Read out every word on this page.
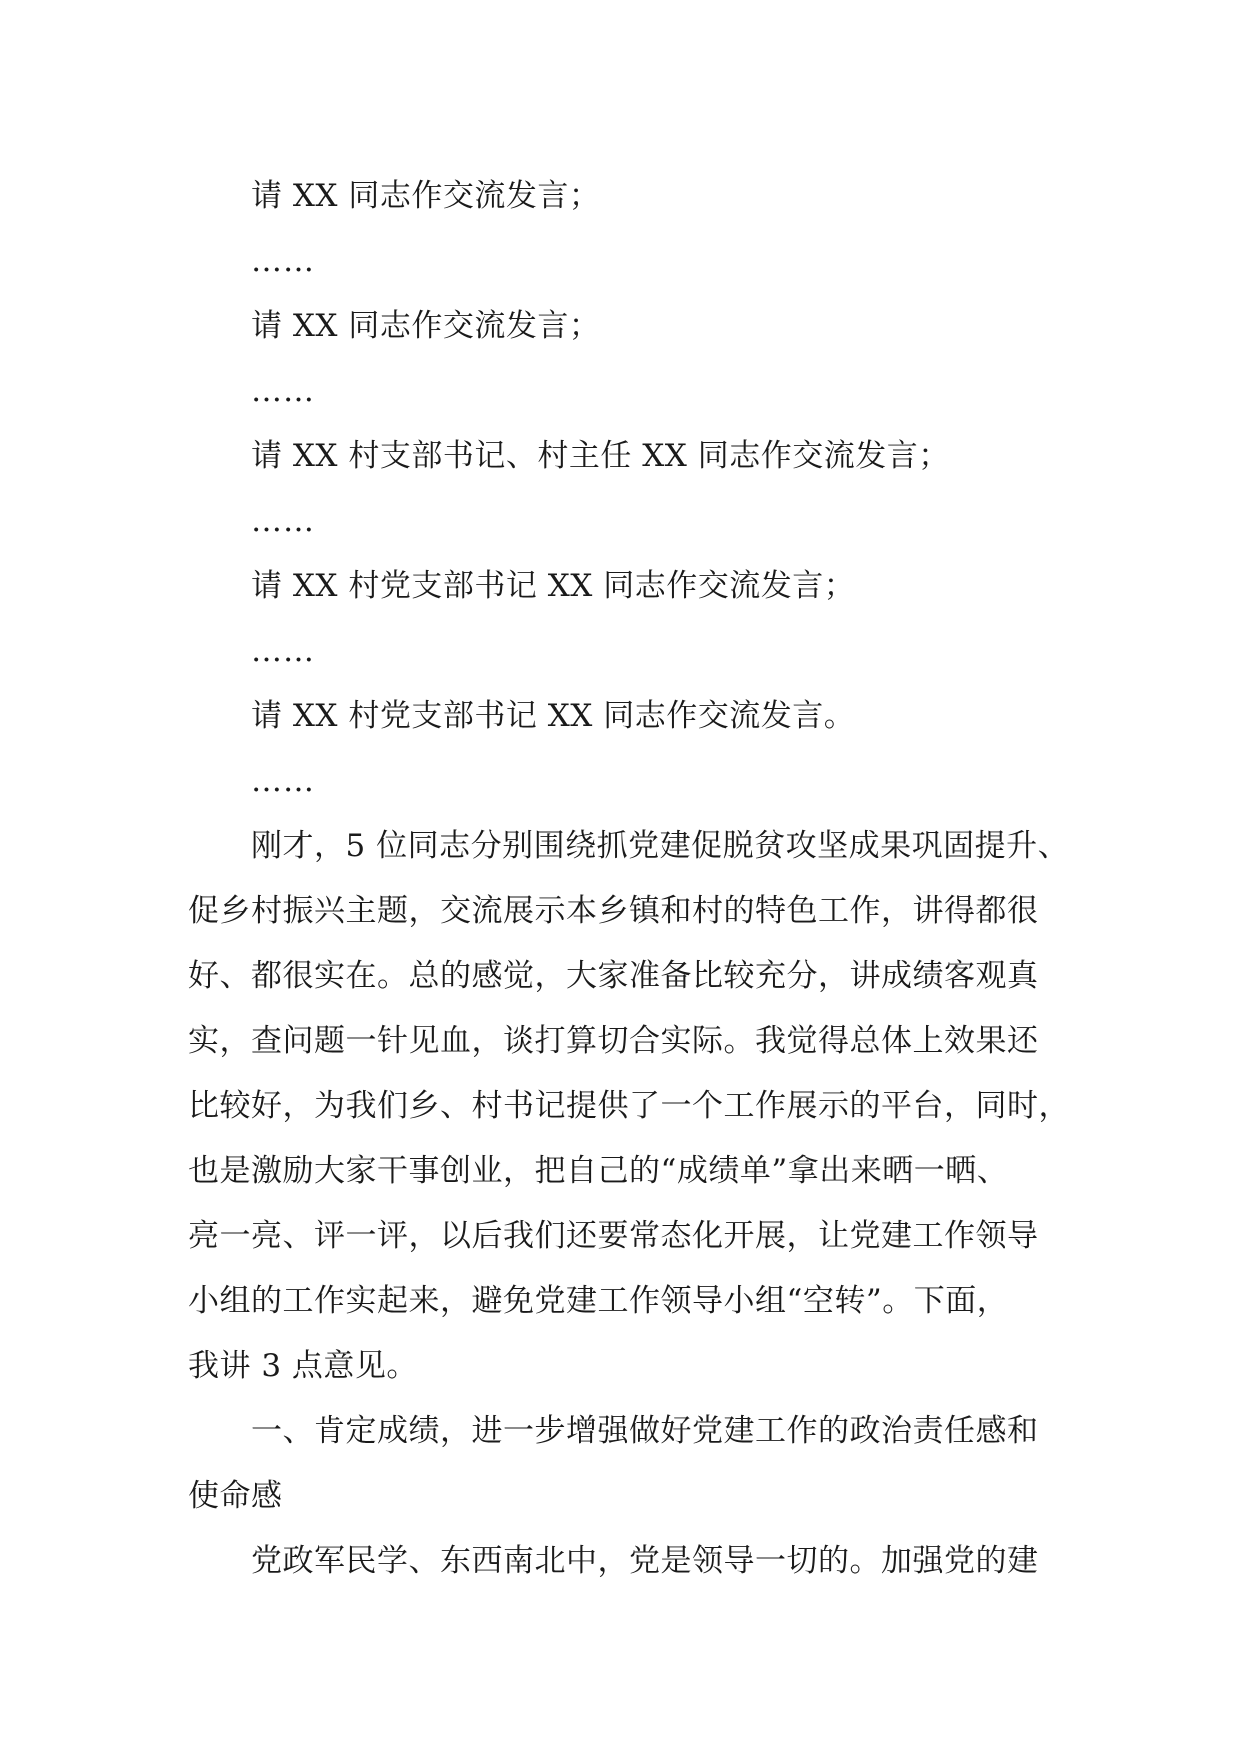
请 XX 同志作交流发言；
……
请 XX 同志作交流发言；
……
请 XX 村支部书记、村主任 XX 同志作交流发言；
……
请 XX 村党支部书记 XX 同志作交流发言；
……
请 XX 村党支部书记 XX 同志作交流发言。
……
刚才，5 位同志分别围绕抓党建促脱贫攻坚成果巩固提升、
促乡村振兴主题，交流展示本乡镇和村的特色工作，讲得都很
好、都很实在。总的感觉，大家准备比较充分，讲成绩客观真
实，查问题一针见血，谈打算切合实际。我觉得总体上效果还
比较好，为我们乡、村书记提供了一个工作展示的平台，同时，
也是激励大家干事创业，把自己的“成绩单”拿出来晒一晒、
亮一亮、评一评，以后我们还要常态化开展，让党建工作领导
小组的工作实起来，避免党建工作领导小组“空转”。下面，
我讲 3 点意见。
一、肯定成绩，进一步增强做好党建工作的政治责任感和
使命感
党政军民学、东西南北中，党是领导一切的。加强党的建
